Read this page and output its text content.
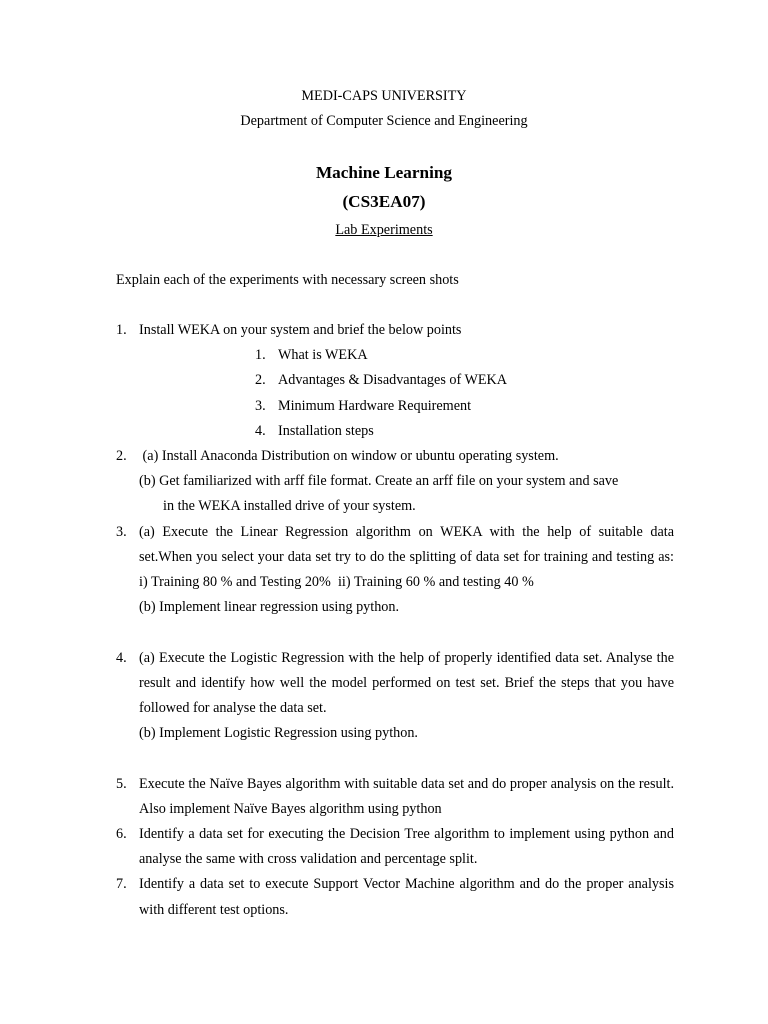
MEDI-CAPS UNIVERSITY
Department of Computer Science and Engineering
Machine Learning
(CS3EA07)
Lab Experiments
Explain each of the experiments with necessary screen shots
1. Install WEKA on your system and brief the below points

1. What is WEKA
2. Advantages & Disadvantages of WEKA
3. Minimum Hardware Requirement
4. Installation steps
2. (a) Install Anaconda Distribution on window or ubuntu operating system.

(b) Get familiarized with arff file format. Create an arff file on your system and save

in the WEKA installed drive of your system.

3. (a) Execute the Linear Regression algorithm on WEKA with the help of suitable data set.When you select your data set try to do the splitting of data set for training and testing as: i) Training 80 % and Testing 20%  ii) Training 60 % and testing 40 %

(b) Implement linear regression using python.

4. (a) Execute the Logistic Regression with the help of properly identified data set. Analyse the result and identify how well the model performed on test set. Brief the steps that you have followed for analyse the data set.

(b) Implement Logistic Regression using python.

5. Execute the Naïve Bayes algorithm with suitable data set and do proper analysis on the result. Also implement Naïve Bayes algorithm using python

6. Identify a data set for executing the Decision Tree algorithm to implement using python and analyse the same with cross validation and percentage split.

7. Identify a data set to execute Support Vector Machine algorithm and do the proper analysis with different test options.
